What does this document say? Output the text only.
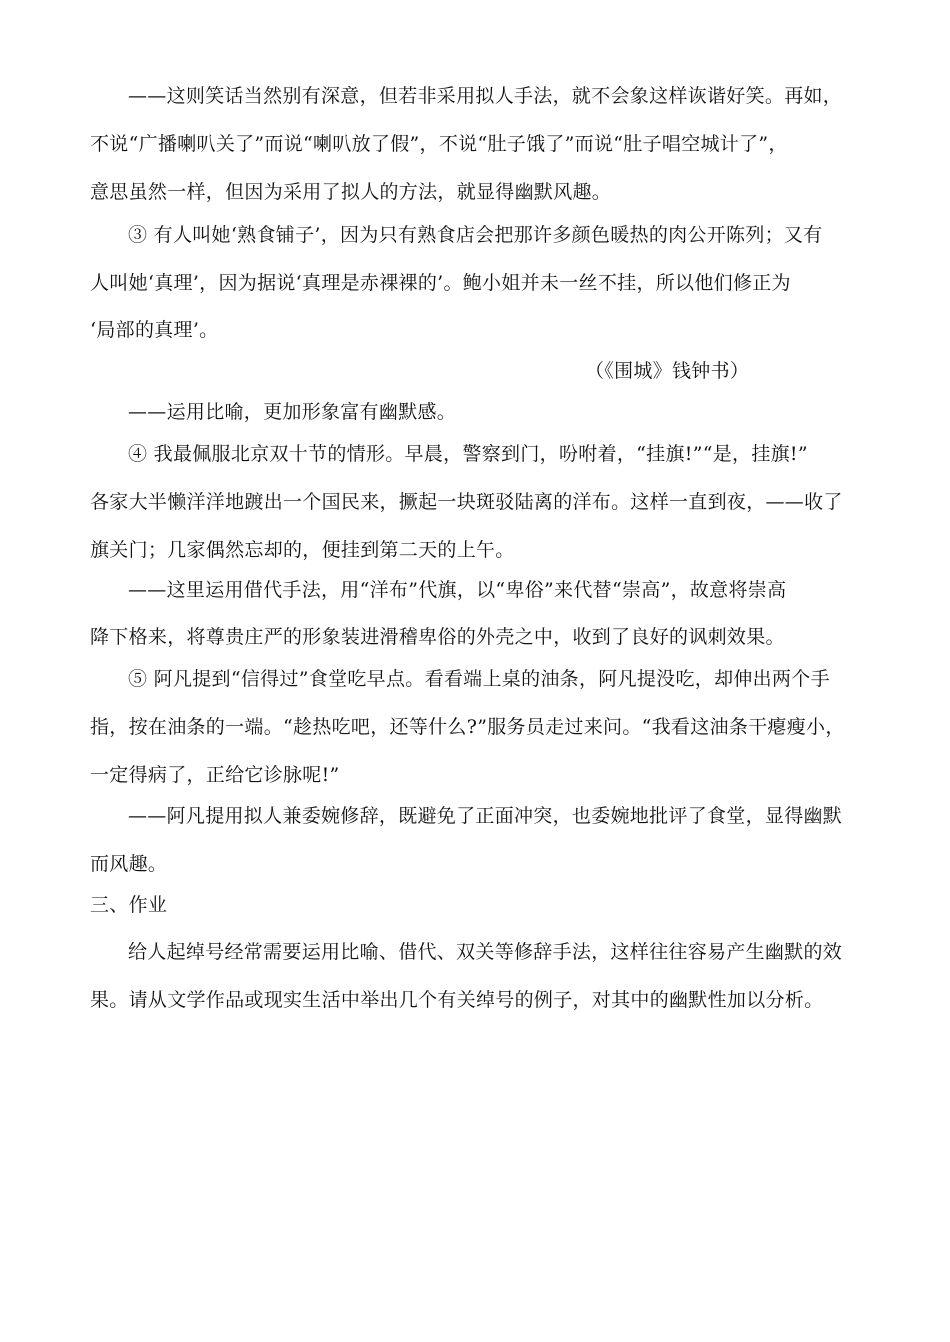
——这则笑话当然别有深意，但若非采用拟人手法，就不会象这样诙谐好笑。再如，
不说“广播喇叭关了”而说“喇叭放了假”，不说“肚子饿了”而说“肚子唱空城计了”，
意思虽然一样，但因为采用了拟人的方法，就显得幽默风趣。
③ 有人叫她‘熟食铺子’，因为只有熟食店会把那许多颜色暖热的肉公开陈列；又有
人叫她‘真理’，因为据说‘真理是赤裸裸的’。鲍小姐并未一丝不挂，所以他们修正为
‘局部的真理’。
（《围城》钱钟书）
——运用比喻，更加形象富有幽默感。
④ 我最佩服北京双十节的情形。早晨，警察到门，吩咐着，“挂旗!”“是，挂旗!”
各家大半懒洋洋地踱出一个国民来，撅起一块斑驳陆离的洋布。这样一直到夜，——收了
旗关门；几家偶然忘却的，便挂到第二天的上午。
——这里运用借代手法，用“洋布”代旗，以“卑俗”来代替“崇高”，故意将崇高
降下格来，将尊贵庄严的形象装进滑稽卑俗的外壳之中，收到了良好的讽刺效果。
⑤ 阿凡提到“信得过”食堂吃早点。看看端上桌的油条，阿凡提没吃，却伸出两个手
指，按在油条的一端。“趁热吃吧，还等什么?”服务员走过来问。“我看这油条干瘪瘦小，
一定得病了，正给它诊脉呢!”
——阿凡提用拟人兼委婉修辞，既避免了正面冲突，也委婉地批评了食堂，显得幽默
而风趣。
三、作业
给人起绰号经常需要运用比喻、借代、双关等修辞手法，这样往往容易产生幽默的效
果。请从文学作品或现实生活中举出几个有关绰号的例子，对其中的幽默性加以分析。
